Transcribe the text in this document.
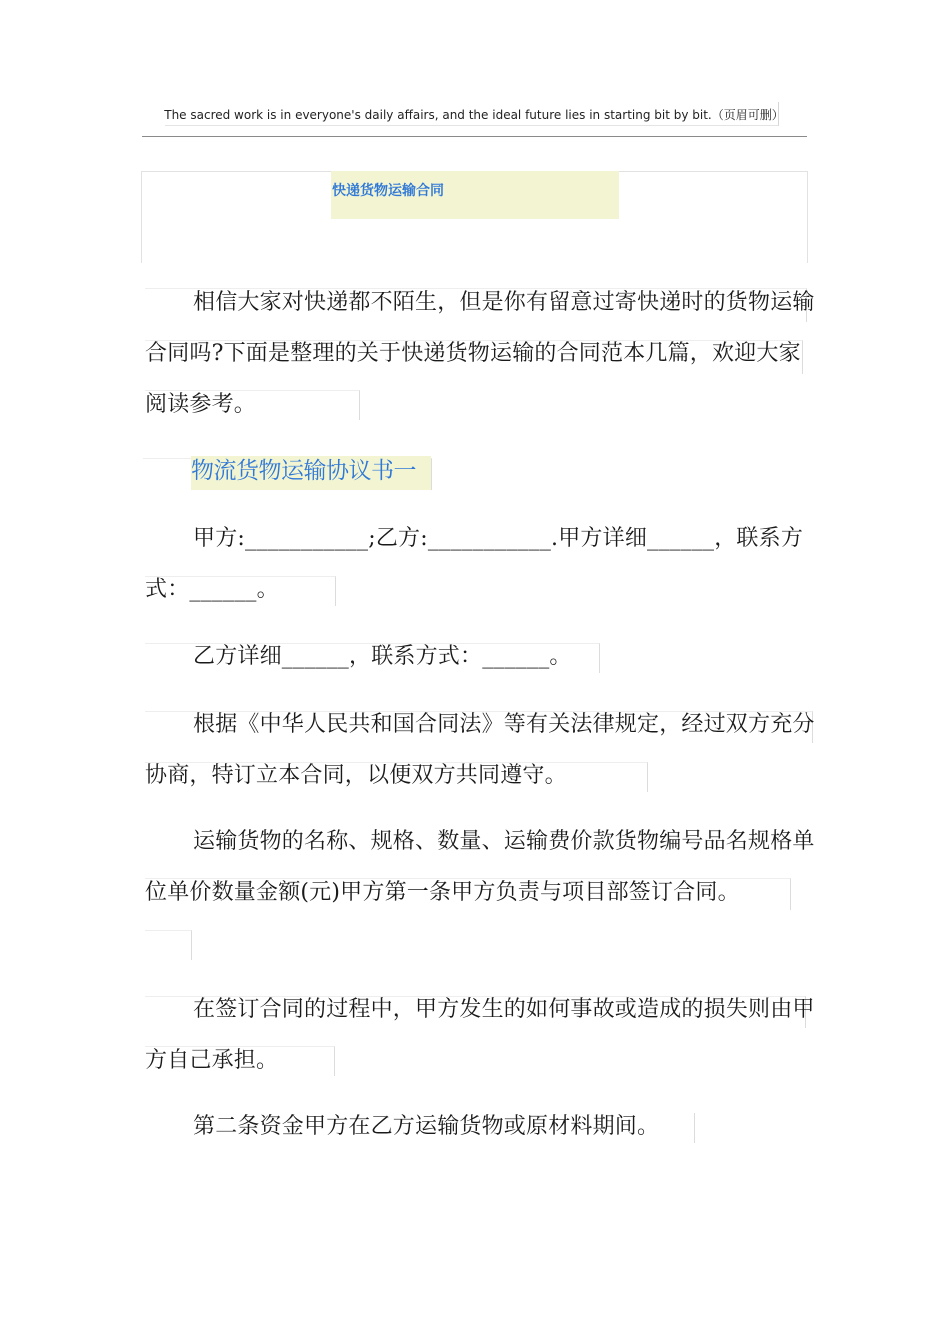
The sacred work is in everyone's daily affairs, and the ideal future lies in starting bit by bit.（页眉可删）
快递货物运输合同
相信大家对快递都不陌生，但是你有留意过寄快递时的货物运输合同吗?下面是整理的关于快递货物运输的合同范本几篇，欢迎大家阅读参考。
物流货物运输协议书一
甲方:___________;乙方:___________.甲方详细______，联系方式：______。
乙方详细______，联系方式：______。
根据《中华人民共和国合同法》等有关法律规定，经过双方充分协商，特订立本合同，以便双方共同遵守。
运输货物的名称、规格、数量、运输费价款货物编号品名规格单位单价数量金额(元)甲方第一条甲方负责与项目部签订合同。
在签订合同的过程中，甲方发生的如何事故或造成的损失则由甲方自己承担。
第二条资金甲方在乙方运输货物或原材料期间。
